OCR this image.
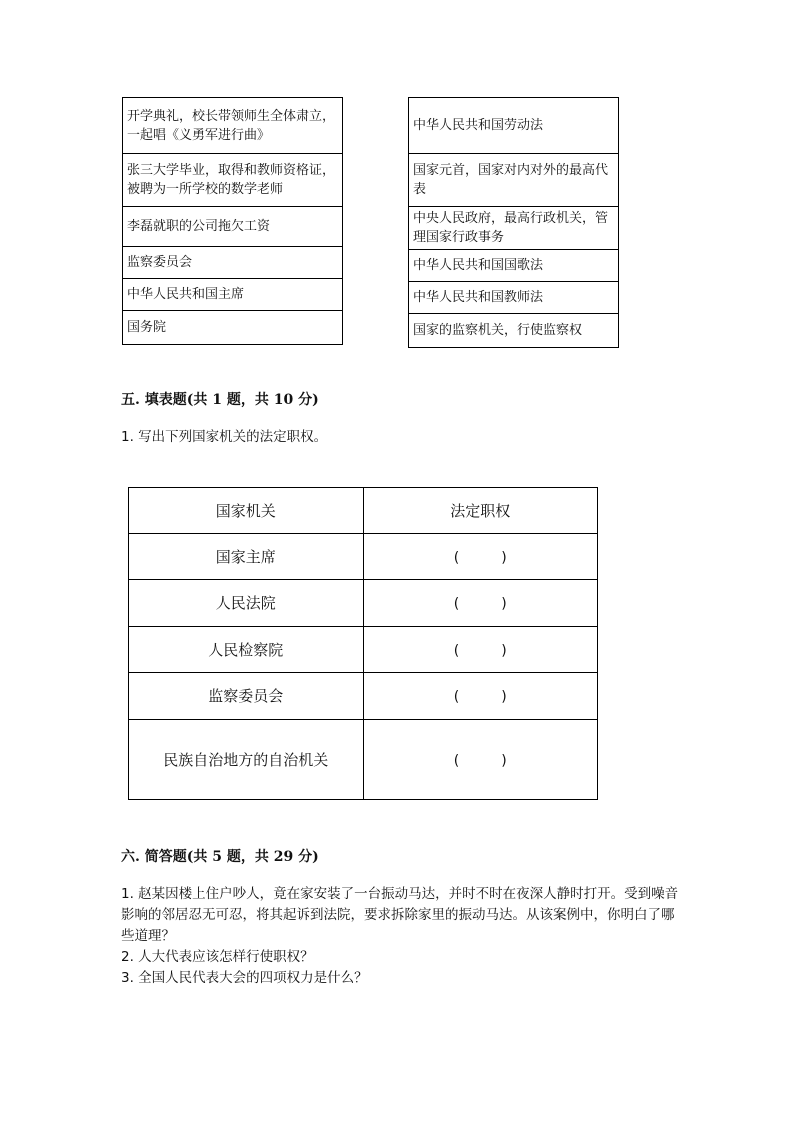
开学典礼，校长带领师生全体肃立，一起唱《义勇军进行曲》
张三大学毕业，取得和教师资格证，被聘为一所学校的数学老师
李磊就职的公司拖欠工资
监察委员会
中华人民共和国主席
国务院
中华人民共和国劳动法
国家元首，国家对内对外的最高代表
中央人民政府，最高行政机关，管理国家行政事务
中华人民共和国国歌法
中华人民共和国教师法
国家的监察机关，行使监察权
五. 填表题(共 1 题，共 10 分)

1. 写出下列国家机关的法定职权。

国家机关	法定职权
国家主席	(　　　)
人民法院	(　　　)
人民检察院	(　　　)
监察委员会	(　　　)
民族自治地方的自治机关	(　　　)
六. 简答题(共 5 题，共 29 分)

1. 赵某因楼上住户吵人，竟在家安装了一台振动马达，并时不时在夜深人静时打开。受到噪音影响的邻居忍无可忍，将其起诉到法院，要求拆除家里的振动马达。从该案例中，你明白了哪些道理？

2. 人大代表应该怎样行使职权？

3. 全国人民代表大会的四项权力是什么？
